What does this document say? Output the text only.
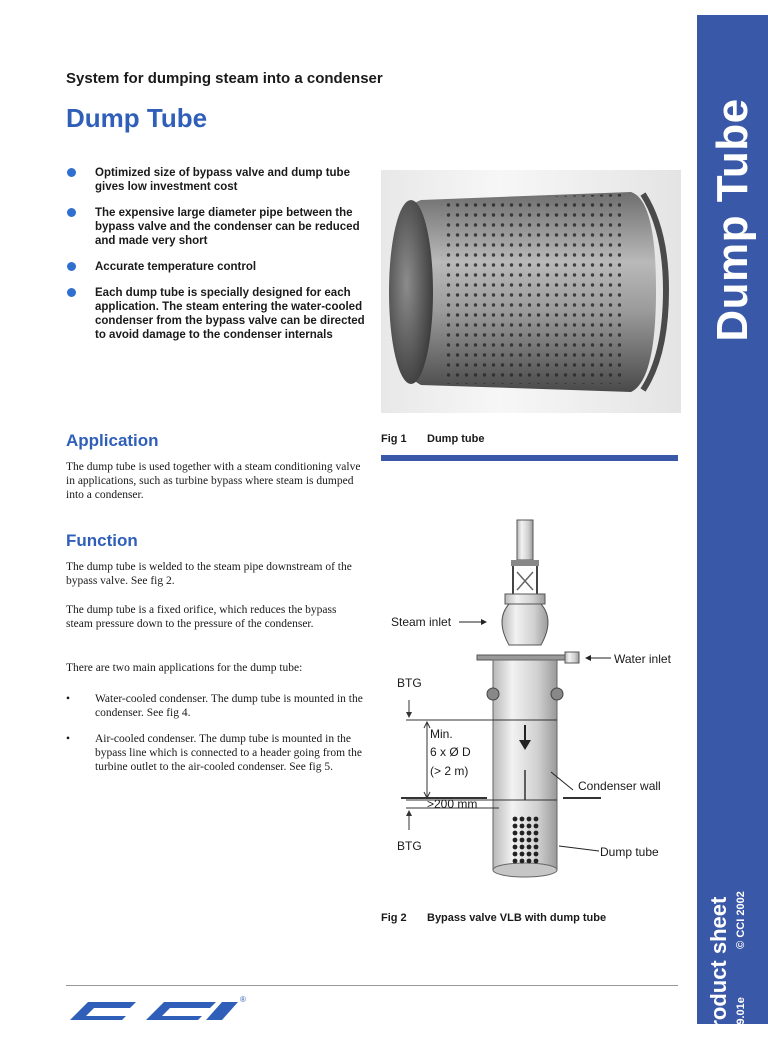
Dump Tube
© CCI 2002
Product sheet 579.01e
System for dumping steam into a condenser
Dump Tube
Optimized size of bypass valve and dump tube gives low investment cost
The expensive large diameter pipe between the bypass valve and the condenser can be reduced and made very short
Accurate temperature control
Each dump tube is specially designed for each application. The steam entering the water-cooled condenser from the bypass valve can be directed to avoid damage to the condenser internals
Fig 1 Dump tube
Application

The dump tube is used together with a steam conditioning valve in applications, such as turbine bypass where steam is dumped into a condenser.

Function

The dump tube is welded to the steam pipe downstream of the bypass valve. See fig 2.

The dump tube is a fixed orifice, which reduces the bypass steam pressure down to the pressure of the condenser.

There are two main applications for the dump tube:

• Water-cooled condenser. The dump tube is mounted in the condenser. See fig 4.
• Air-cooled condenser. The dump tube is mounted in the bypass line which is connected to a header going from the turbine outlet to the air-cooled condenser. See fig 5.
Steam inlet
Water inlet
BTG
Min.
6 x Ø D
(> 2 m)
Condenser wall
>200 mm
BTG	Dump tube
Fig 2 Bypass valve VLB with dump tube
®
